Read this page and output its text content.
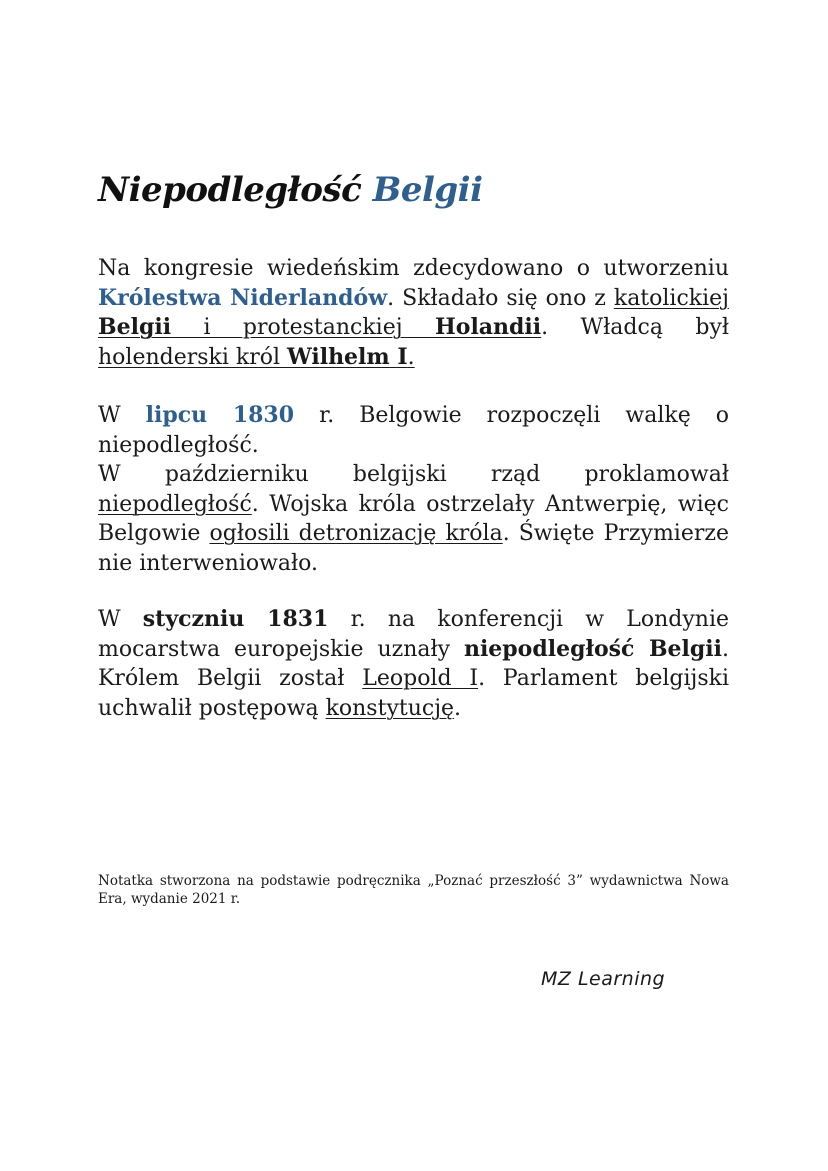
Niepodległość Belgii

Na kongresie wiedeńskim zdecydowano o utworzeniu Królestwa Niderlandów. Składało się ono z katolickiej Belgii i protestanckiej Holandii. Władcą był holenderski król Wilhelm I.

W lipcu 1830 r. Belgowie rozpoczęli walkę o niepodległość.

W październiku belgijski rząd proklamował niepodległość. Wojska króla ostrzelały Antwerpię, więc Belgowie ogłosili detronizację króla. Święte Przymierze nie interweniowało.

W styczniu 1831 r. na konferencji w Londynie mocarstwa europejskie uznały niepodległość Belgii. Królem Belgii został Leopold I. Parlament belgijski uchwalił postępową konstytucję.

Notatka stworzona na podstawie podręcznika „Poznać przeszłość 3” wydawnictwa Nowa Era, wydanie 2021 r.
MZ Learning
